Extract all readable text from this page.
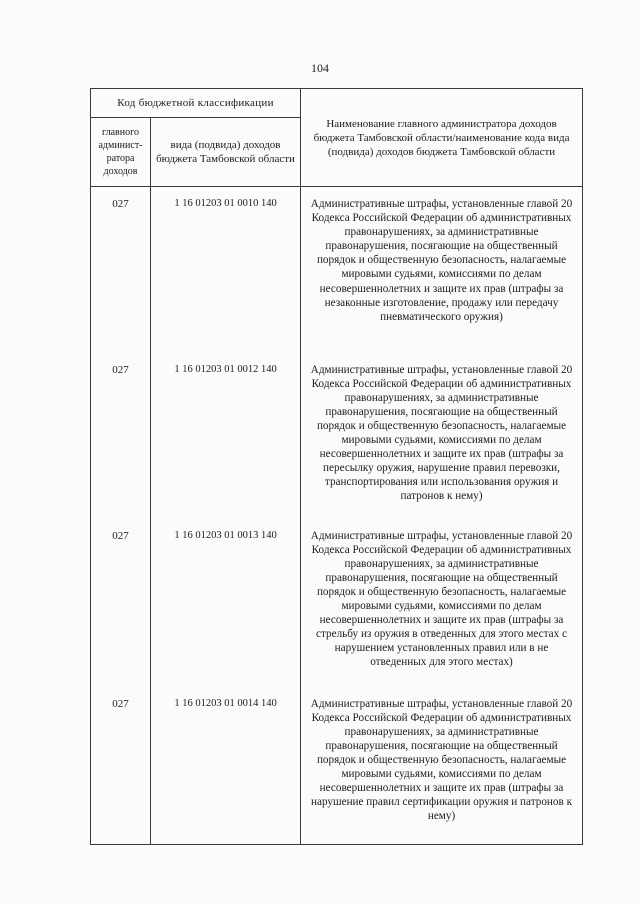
104
Код бюджетной классификации		Наименование главного администратора доходов бюджета Тамбовской области/наименование кода вида (подвида) доходов бюджета Тамбовской области
главного админист-ратора доходов	вида (подвида) доходов бюджета Тамбовской области	
027	1 16 01203 01 0010 140	Административные штрафы, установленные главой 20 Кодекса Российской Федерации об административных правонарушениях, за административные правонарушения, посягающие на общественный порядок и общественную безопасность, налагаемые мировыми судьями, комиссиями по делам несовершеннолетних и защите их прав (штрафы за незаконные изготовление, продажу или передачу пневматического оружия)
027	1 16 01203 01 0012 140	Административные штрафы, установленные главой 20 Кодекса Российской Федерации об административных правонарушениях, за административные правонарушения, посягающие на общественный порядок и общественную безопасность, налагаемые мировыми судьями, комиссиями по делам несовершеннолетних и защите их прав (штрафы за пересылку оружия, нарушение правил перевозки, транспортирования или использования оружия и патронов к нему)
027	1 16 01203 01 0013 140	Административные штрафы, установленные главой 20 Кодекса Российской Федерации об административных правонарушениях, за административные правонарушения, посягающие на общественный порядок и общественную безопасность, налагаемые мировыми судьями, комиссиями по делам несовершеннолетних и защите их прав (штрафы за стрельбу из оружия в отведенных для этого местах с нарушением установленных правил или в не отведенных для этого местах)
027	1 16 01203 01 0014 140	Административные штрафы, установленные главой 20 Кодекса Российской Федерации об административных правонарушениях, за административные правонарушения, посягающие на общественный порядок и общественную безопасность, налагаемые мировыми судьями, комиссиями по делам несовершеннолетних и защите их прав (штрафы за нарушение правил сертификации оружия и патронов к нему)
